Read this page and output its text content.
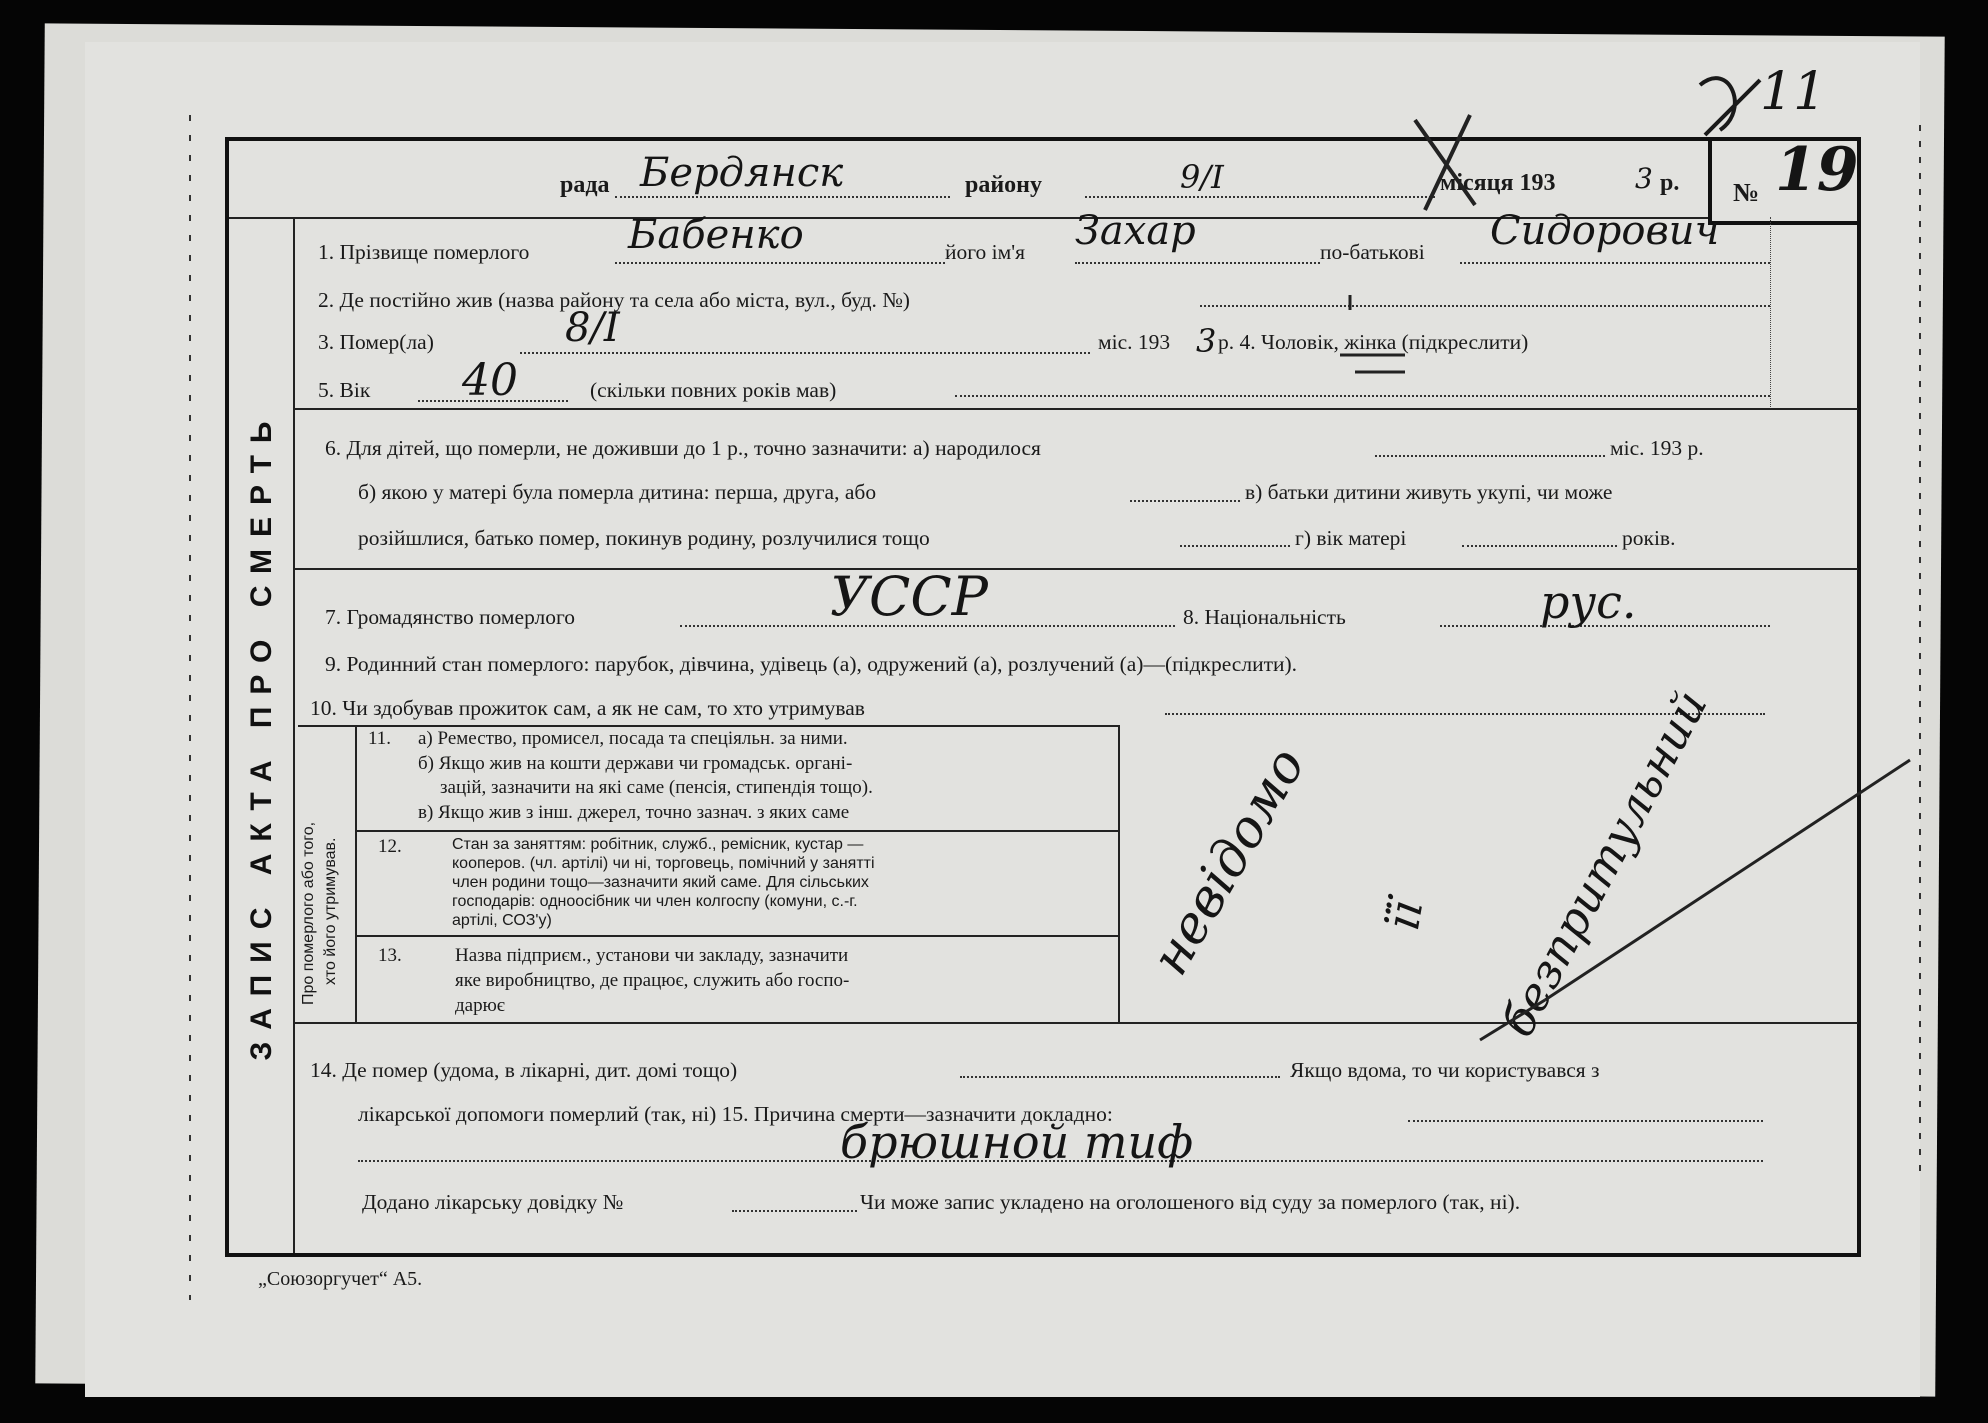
рада Бердянск	району	9/I	місяця 193	3 р. № 19
11
ЗАПИС АКТА ПРО СМЕРТЬ
1. Прізвище померлого Бабенко	його ім'я Захар	по-батькові Сидорович
2. Де постійно жив (назва району та села або міста, вул., буд. №)
3. Помер(ла)	8/I	міс. 193 3 р. 4. Чоловік, жінка (підкреслити)
5. Вік 40	(скільки повних років мав)
6. Для дітей, що померли, не доживши до 1 р., точно зазначити: а) народилося	міс. 193 р.
б) якою у матері була померла дитина: перша, друга, або	в) батьки дитини живуть укупі, чи може
розійшлися, батько помер, покинув родину, розлучилися тощо	г) вік матері	років.
7. Громадянство померлого	УССР	8. Національність	рус.
9. Родинний стан померлого: парубок, дівчина, удівець (а), одружений (а), розлучений (а)—(підкреслити).
10. Чи здобував прожиток сам, а як не сам, то хто утримував
Про померлого або того, хто його утримував.
11. а) Ремество, промисел, посада та спеціяльн. за ними.
б) Якщо жив на кошти держави чи громадськ. органі-
зацій, зазначити на які саме (пенсія, стипендія тощо).
в) Якщо жив з інш. джерел, точно зазнач. з яких саме
12.	Стан за заняттям: робітник, служб., ремісник, кустар —
кооперов. (чл. артілі) чи ні, торговець, помічний у занятті
член родини тощо—зазначити який саме. Для сільських
господарів: одноосібник чи член колгоспу (комуни, с.-г.
артілі, СОЗ'у)
13.	Назва підприєм., установи чи закладу, зазначити
яке виробництво, де працює, служить або госпо-
дарює
невідомо її безпритульний
14. Де помер (удома, в лікарні, дит. домі тощо)	Якщо вдома, то чи користувався з
лікарської допомоги померлий (так, ні) 15. Причина смерти—зазначити докладно:
брюшной тиф
Додано лікарську довідку №	Чи може запис укладено на оголошеного від суду за померлого (так, ні).
„Союзоргучет“ А5.
